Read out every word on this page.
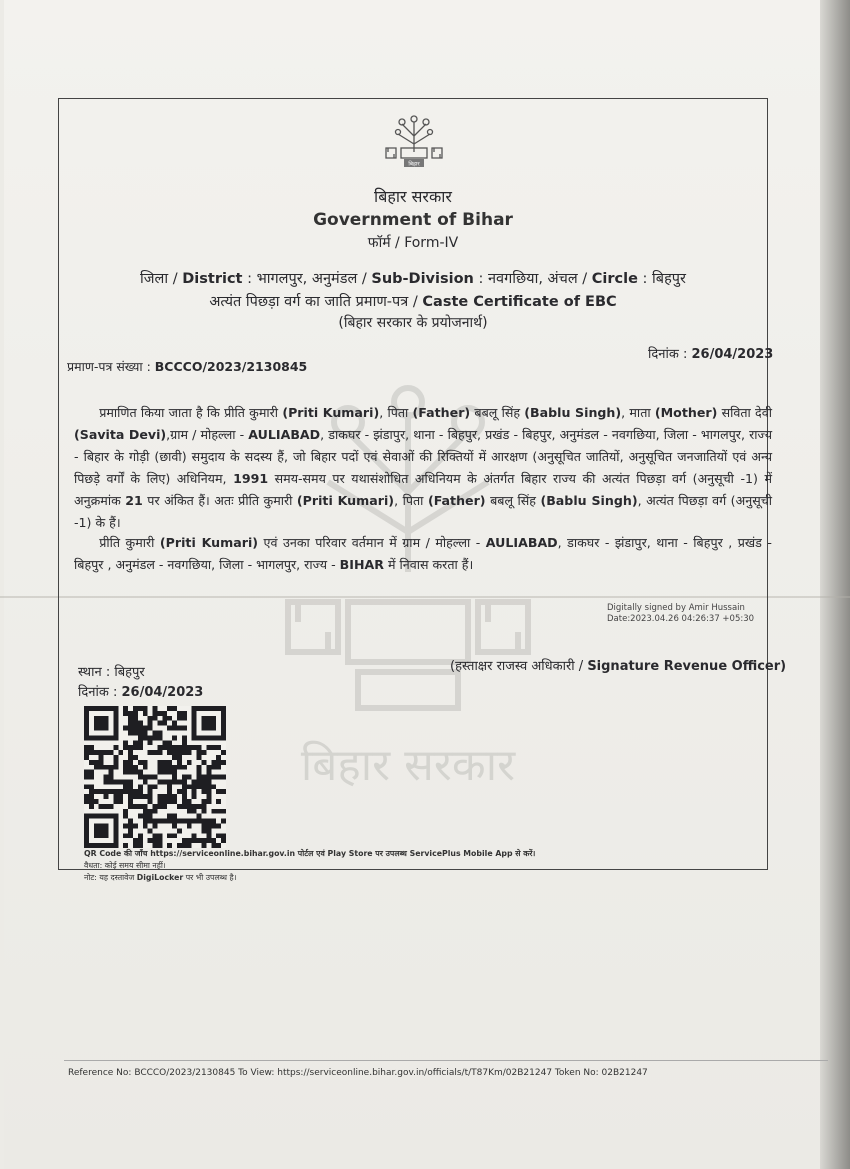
बिहार सरकार
बिहार
बिहार सरकार
Government of Bihar
फॉर्म / Form-IV
जिला / District : भागलपुर, अनुमंडल / Sub-Division : नवगछिया, अंचल / Circle : बिहपुर
अत्यंत पिछड़ा वर्ग का जाति प्रमाण-पत्र / Caste Certificate of EBC
(बिहार सरकार के प्रयोजनार्थ)
दिनांक : 26/04/2023
प्रमाण-पत्र संख्या : BCCCO/2023/2130845
  प्रमाणित किया जाता है कि प्रीति कुमारी (Priti Kumari), पिता (Father) बबलू सिंह (Bablu Singh), माता (Mother) सविता देवी (Savita Devi),ग्राम / मोहल्ला - AULIABAD, डाकघर - झंडापुर, थाना - बिहपुर, प्रखंड - बिहपुर, अनुमंडल - नवगछिया, जिला - भागलपुर, राज्य - बिहार के गोड़ी (छावी) समुदाय के सदस्य हैं, जो बिहार पदों एवं सेवाओं की रिक्तियों में आरक्षण (अनुसूचित जातियों, अनुसूचित जनजातियों एवं अन्य पिछड़े वर्गों के लिए) अधिनियम, 1991 समय-समय पर यथासंशोधित अधिनियम के अंतर्गत बिहार राज्य की अत्यंत पिछड़ा वर्ग (अनुसूची -1) में अनुक्रमांक 21 पर अंकित हैं। अतः प्रीति कुमारी (Priti Kumari), पिता (Father) बबलू सिंह (Bablu Singh), अत्यंत पिछड़ा वर्ग (अनुसूची -1) के हैं।
  प्रीति कुमारी (Priti Kumari) एवं उनका परिवार वर्तमान में ग्राम / मोहल्ला - AULIABAD, डाकघर - झंडापुर, थाना - बिहपुर , प्रखंड - बिहपुर , अनुमंडल - नवगछिया, जिला - भागलपुर, राज्य - BIHAR में निवास करता हैं।
Digitally signed by Amir Hussain
Date:2023.04.26 04:26:37 +05:30
(हस्ताक्षर राजस्व अधिकारी / Signature Revenue Officer)
स्थान : बिहपुर
दिनांक : 26/04/2023
QR Code की जाँच https://serviceonline.bihar.gov.in पोर्टल एवं Play Store पर उपलब्ध ServicePlus Mobile App से करें।
वैधता: कोई समय सीमा नहीं।
नोट: यह दस्तावेज DigiLocker पर भी उपलब्ध है।
Reference No: BCCCO/2023/2130845 To View: https://serviceonline.bihar.gov.in/officials/t/T87Km/02B21247 Token No: 02B21247
